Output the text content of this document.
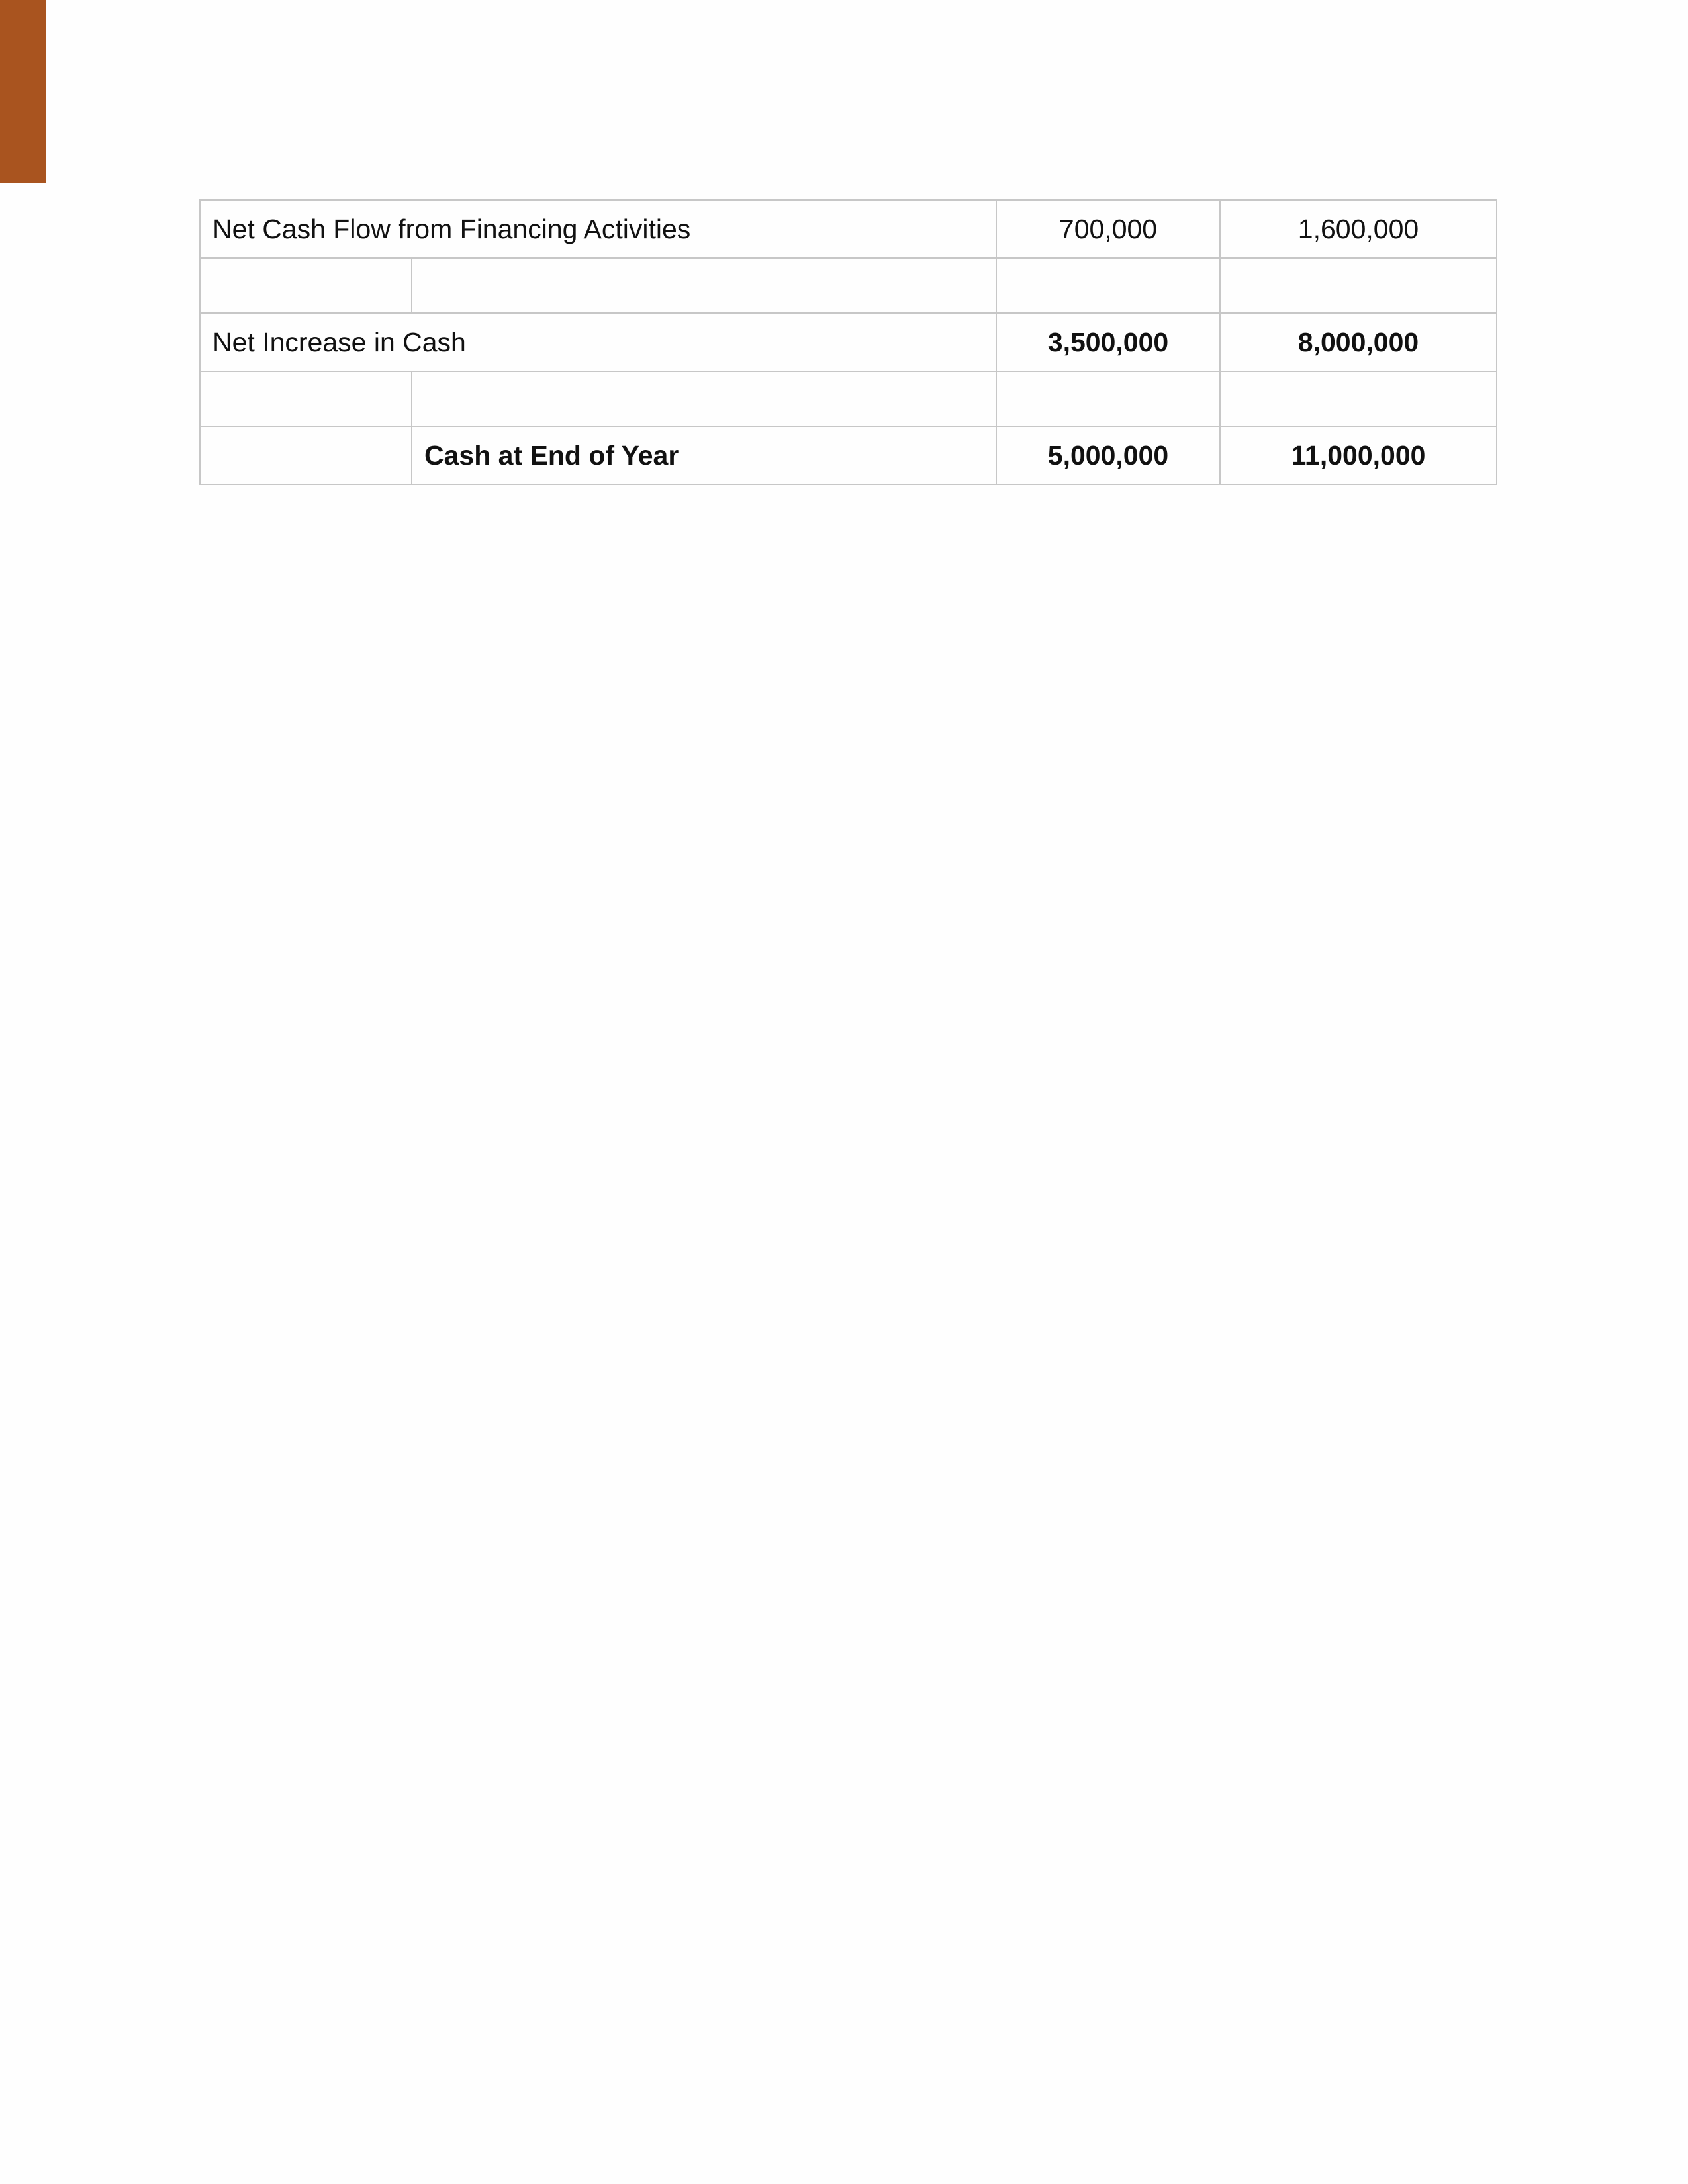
Net Cash Flow from Financing Activities		700,000	1,600,000

Net Increase in Cash		3,500,000	8,000,000

	Cash at End of Year	5,000,000	11,000,000
